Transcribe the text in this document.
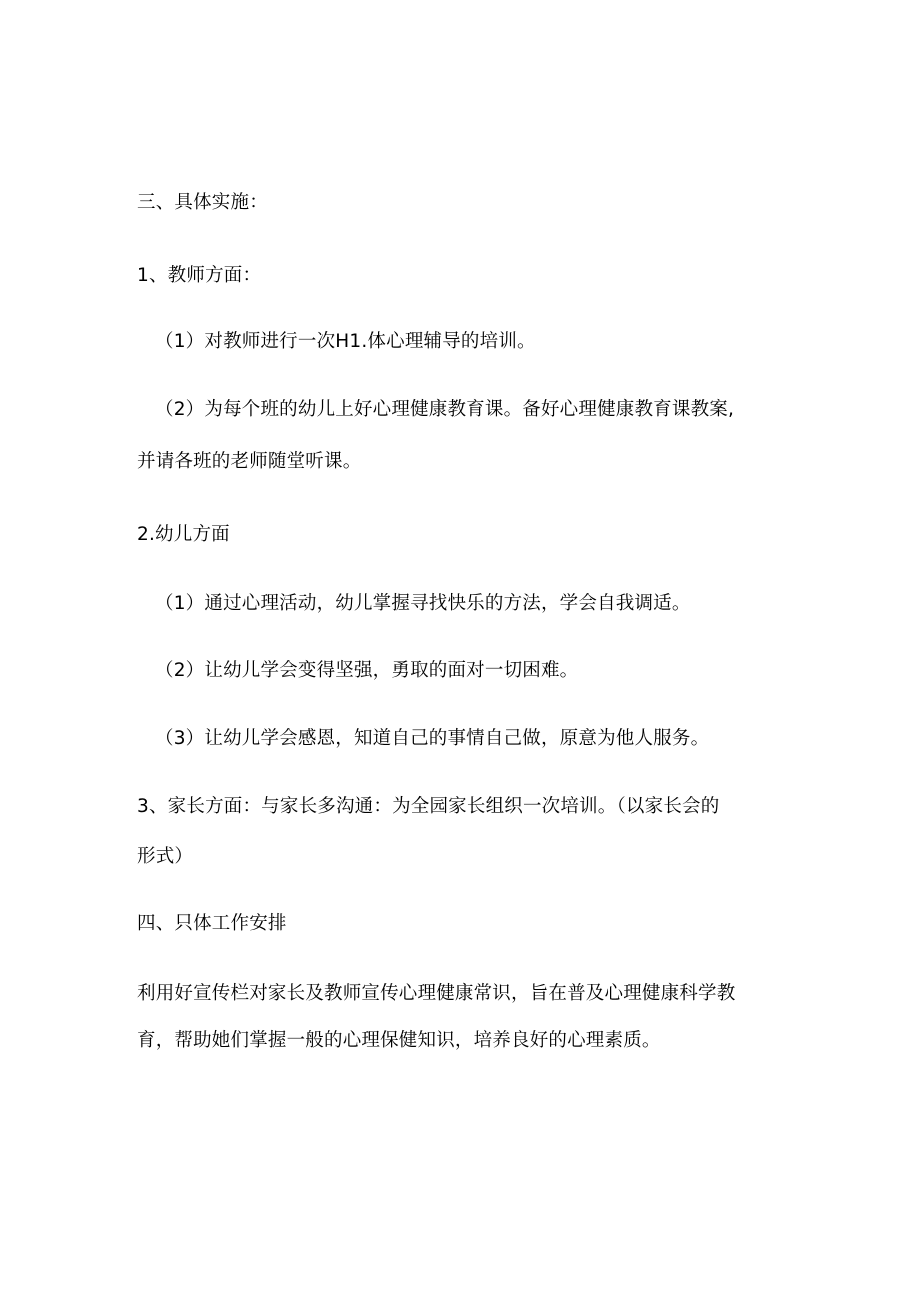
三、具体实施：
1、教师方面：
（1）对教师进行一次H1.体心理辅导的培训。
（2）为每个班的幼儿上好心理健康教育课。备好心理健康教育课教案,
并请各班的老师随堂听课。
2.幼儿方面
（1）通过心理活动，幼儿掌握寻找快乐的方法，学会自我调适。
（2）让幼儿学会变得坚强，勇取的面对一切困难。
（3）让幼儿学会感恩，知道自己的事情自己做，原意为他人服务。
3、家长方面：与家长多沟通：为全园家长组织一次培训。（以家长会的
形式）
四、只体工作安排
利用好宣传栏对家长及教师宣传心理健康常识，旨在普及心理健康科学教
育，帮助她们掌握一般的心理保健知识，培养良好的心理素质。
